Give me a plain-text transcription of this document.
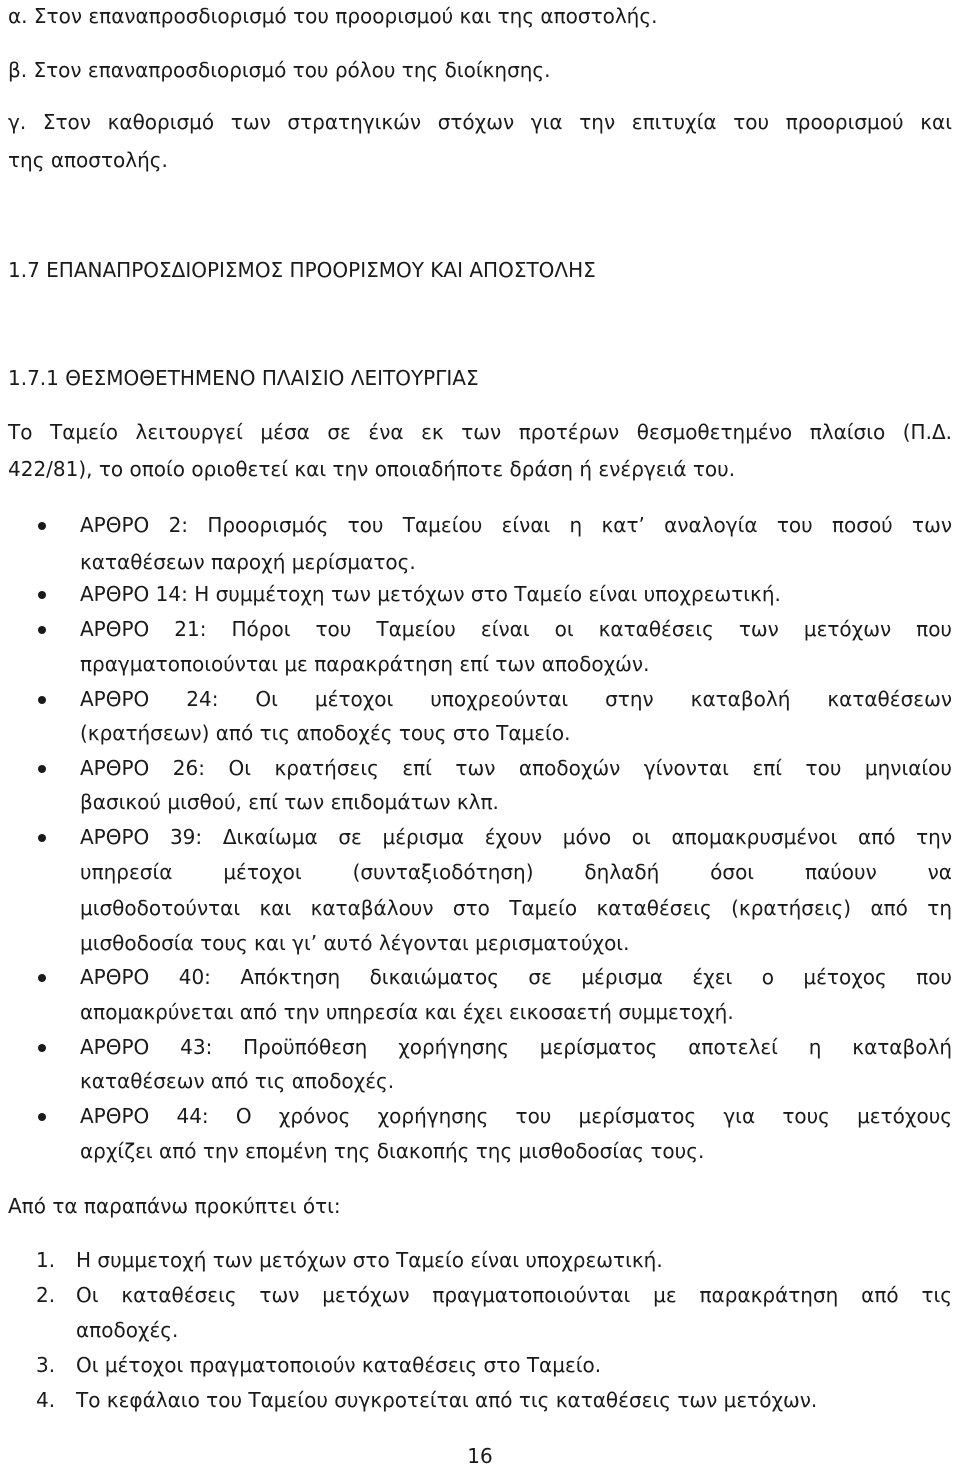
α. Στον επαναπροσδιορισμό του προορισμού και της αποστολής.
β. Στον επαναπροσδιορισμό του ρόλου της διοίκησης.
γ. Στον καθορισμό των στρατηγικών στόχων για την επιτυχία του προορισμού και
της αποστολής.
1.7 ΕΠΑΝΑΠΡΟΣΔΙΟΡΙΣΜΟΣ ΠΡΟΟΡΙΣΜΟΥ ΚΑΙ ΑΠΟΣΤΟΛΗΣ
1.7.1 ΘΕΣΜΟΘΕΤΗΜΕΝΟ ΠΛΑΙΣΙΟ ΛΕΙΤΟΥΡΓΙΑΣ
Το Ταμείο λειτουργεί μέσα σε ένα εκ των προτέρων θεσμοθετημένο πλαίσιο (Π.Δ.
422/81), το οποίο οριοθετεί και την οποιαδήποτε δράση ή ενέργειά του.
ΑΡΘΡΟ 2: Προορισμός του Ταμείου είναι η κατ’ αναλογία του ποσού των
καταθέσεων παροχή μερίσματος.
ΑΡΘΡΟ 14: Η συμμέτοχη των μετόχων στο Ταμείο είναι υποχρεωτική.
ΑΡΘΡΟ 21: Πόροι του Ταμείου είναι οι καταθέσεις των μετόχων που
πραγματοποιούνται με παρακράτηση επί των αποδοχών.
ΑΡΘΡΟ 24: Οι μέτοχοι υποχρεούνται στην καταβολή καταθέσεων
(κρατήσεων) από τις αποδοχές τους στο Ταμείο.
ΑΡΘΡΟ 26: Οι κρατήσεις επί των αποδοχών γίνονται επί του μηνιαίου
βασικού μισθού, επί των επιδομάτων κλπ.
ΑΡΘΡΟ 39: Δικαίωμα σε μέρισμα έχουν μόνο οι απομακρυσμένοι από την
υπηρεσία μέτοχοι (συνταξιοδότηση) δηλαδή όσοι παύουν να
μισθοδοτούνται και καταβάλουν στο Ταμείο καταθέσεις (κρατήσεις) από τη
μισθοδοσία τους και γι’ αυτό λέγονται μερισματούχοι.
ΑΡΘΡΟ 40: Απόκτηση δικαιώματος σε μέρισμα έχει ο μέτοχος που
απομακρύνεται από την υπηρεσία και έχει εικοσαετή συμμετοχή.
ΑΡΘΡΟ 43: Προϋπόθεση χορήγησης μερίσματος αποτελεί η καταβολή
καταθέσεων από τις αποδοχές.
ΑΡΘΡΟ 44: Ο χρόνος χορήγησης του μερίσματος για τους μετόχους
αρχίζει από την επομένη της διακοπής της μισθοδοσίας τους.
Από τα παραπάνω προκύπτει ότι:
1. Η συμμετοχή των μετόχων στο Ταμείο είναι υποχρεωτική.
2. Οι καταθέσεις των μετόχων πραγματοποιούνται με παρακράτηση από τις
αποδοχές.
3. Οι μέτοχοι πραγματοποιούν καταθέσεις στο Ταμείο.
4. Το κεφάλαιο του Ταμείου συγκροτείται από τις καταθέσεις των μετόχων.
16
